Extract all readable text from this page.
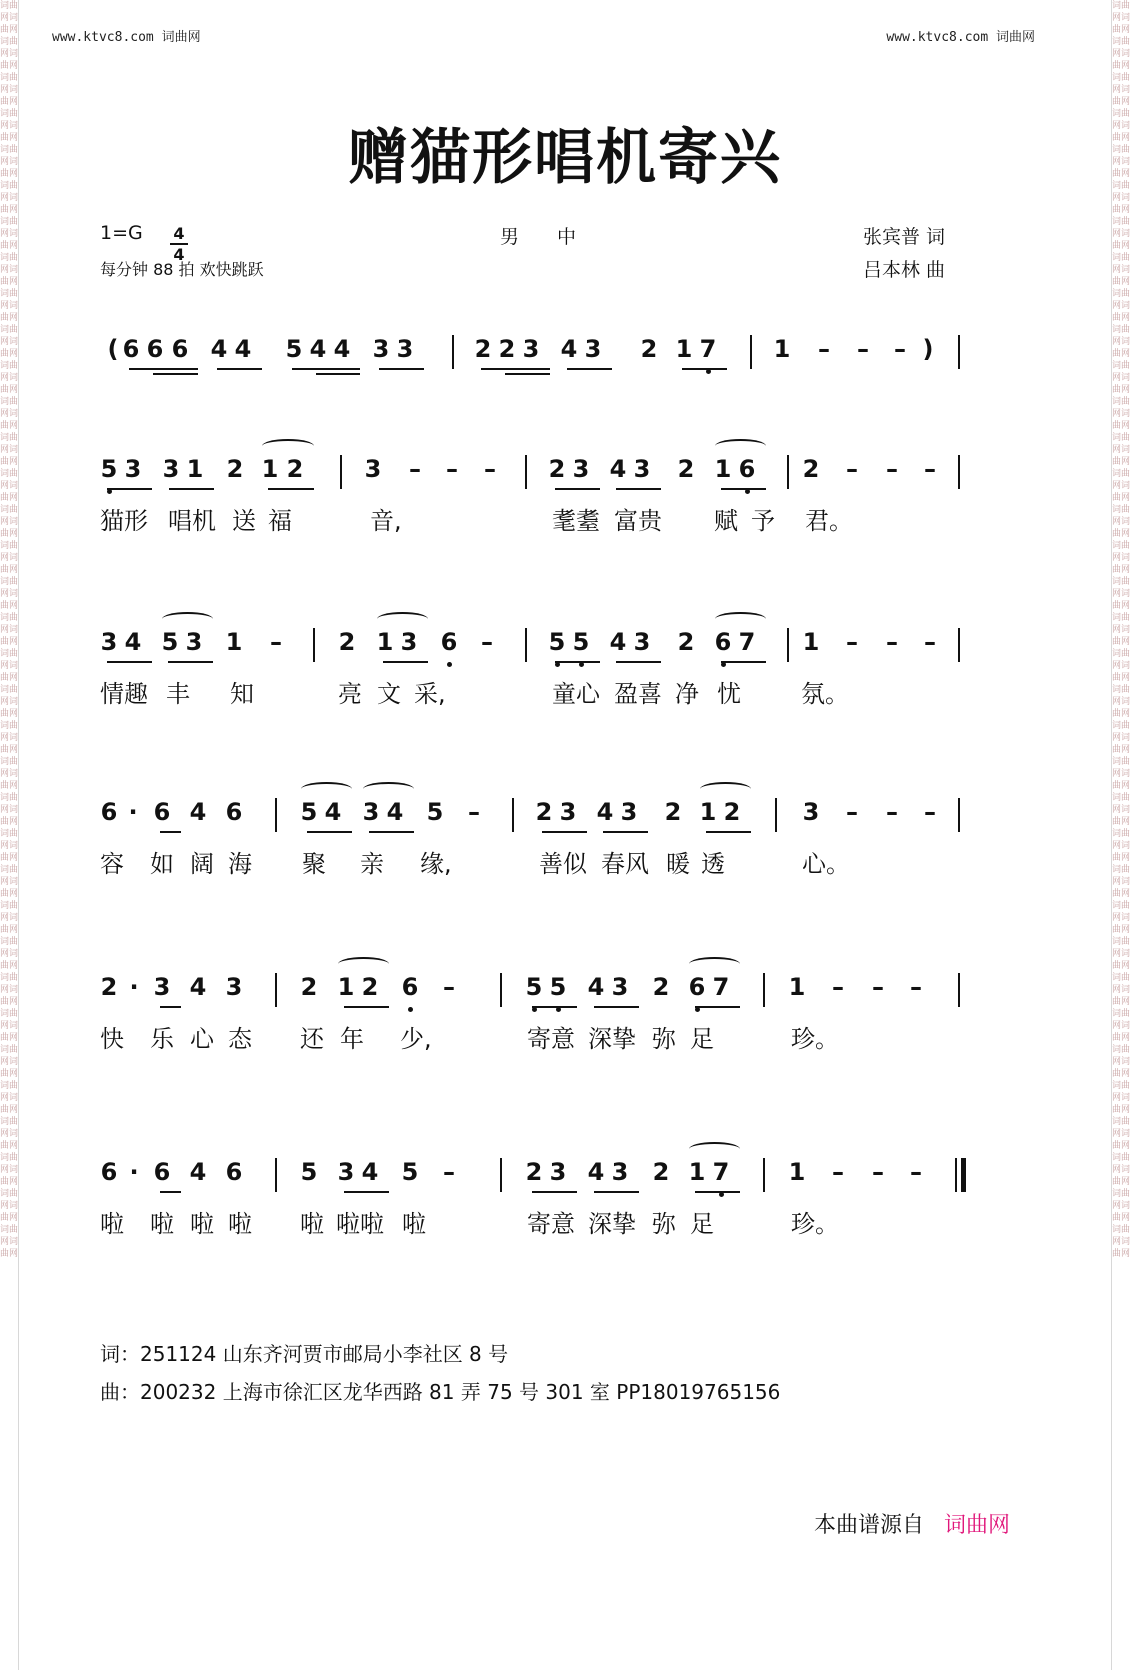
词曲网词曲网词曲网词曲网词曲网词曲网词曲网词曲网词曲网词曲网词曲网词曲网词曲网词曲网词曲网词曲网词曲网词曲网词曲网词曲网词曲网词曲网词曲网词曲网词曲网词曲网词曲网词曲网词曲网词曲网词曲网词曲网词曲网词曲网词曲网词曲网词曲网词曲网词曲网词曲网词曲网词曲网词曲网词曲网词曲网词曲网词曲网词曲网词曲网词曲网词曲网词曲网词曲网词曲网词曲网词曲网词曲网词曲网词曲网词曲网词曲网词曲网词曲网词曲网词曲网词曲网词曲网词曲网词曲网词曲网
词曲网词曲网词曲网词曲网词曲网词曲网词曲网词曲网词曲网词曲网词曲网词曲网词曲网词曲网词曲网词曲网词曲网词曲网词曲网词曲网词曲网词曲网词曲网词曲网词曲网词曲网词曲网词曲网词曲网词曲网词曲网词曲网词曲网词曲网词曲网词曲网词曲网词曲网词曲网词曲网词曲网词曲网词曲网词曲网词曲网词曲网词曲网词曲网词曲网词曲网词曲网词曲网词曲网词曲网词曲网词曲网词曲网词曲网词曲网词曲网词曲网词曲网词曲网词曲网词曲网词曲网词曲网词曲网词曲网词曲网
www.ktvc8.com 词曲网	www.ktvc8.com 词曲网
赠猫形唱机寄兴
1=G 4
4
男　　中	张宾普 词
每分钟 88 拍 欢快跳跃	吕本林 曲
(	)
6 6 6 4 4 5 4 4 3 3	2 2 3 4 3 2 1 7 1 – – –
5 3 3 1 2 1 2	3 – – – 2 3 4 3 2 1 6 2 – – –
猫形 唱机 送 福	音,	耄耋 富贵 赋 予 君。
3 4 5 3 1 – 2 1 3 6 – 5 5 4 3 2 6 7 1 – – –
情趣 丰 知	亮 文 采,	童心 盈喜 净 忧	氛。
6 · 6 4 6 5 4 3 4 5 – 2 3 4 3 2 1 2	3 – – –
容 如 阔 海 聚 亲 缘,	善似 春风 暖 透	心。
2 · 3 4 3 2 1 2 6 –	5 5 4 3 2 6 7 1 – – –
快 乐 心 态 还 年 少,	寄意 深挚 弥 足	珍。
6 · 6 4 6 5 3 4 5 –	2 3 4 3 2 1 7 1 – – –
啦 啦 啦 啦 啦 啦啦 啦	寄意 深挚 弥 足	珍。
词：251124 山东齐河贾市邮局小李社区 8 号
曲：200232 上海市徐汇区龙华西路 81 弄 75 号 301 室 PP18019765156
本曲谱源自 词曲网
